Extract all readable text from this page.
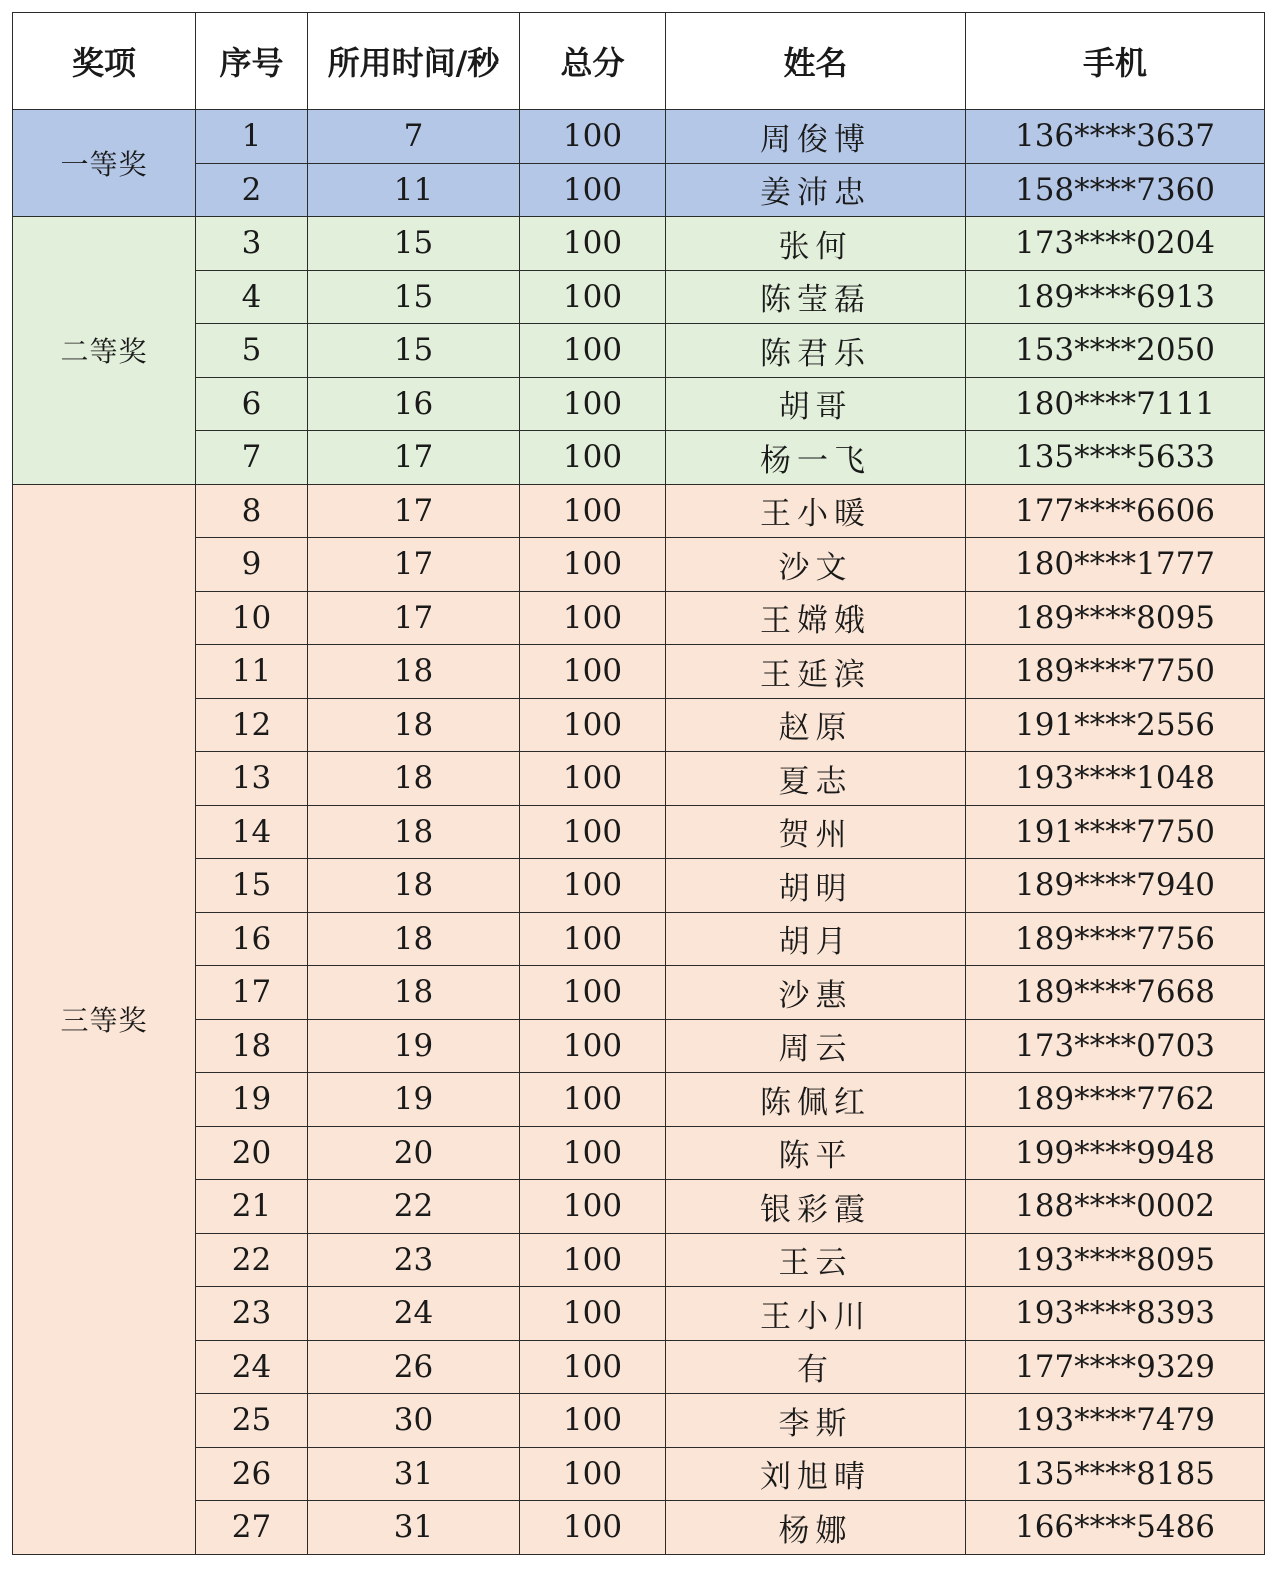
奖项	序号	所用时间/秒	总分	姓名	手机
一等奖	1	7	100	周俊博	136****3637
	2	11	100	姜沛忠	158****7360
二等奖	3	15	100	张何	173****0204
	4	15	100	陈莹磊	189****6913
	5	15	100	陈君乐	153****2050
	6	16	100	胡哥	180****7111
	7	17	100	杨一飞	135****5633
三等奖	8	17	100	王小暖	177****6606
	9	17	100	沙文	180****1777
	10	17	100	王嫦娥	189****8095
	11	18	100	王延滨	189****7750
	12	18	100	赵原	191****2556
	13	18	100	夏志	193****1048
	14	18	100	贺州	191****7750
	15	18	100	胡明	189****7940
	16	18	100	胡月	189****7756
	17	18	100	沙惠	189****7668
	18	19	100	周云	173****0703
	19	19	100	陈佩红	189****7762
	20	20	100	陈平	199****9948
	21	22	100	银彩霞	188****0002
	22	23	100	王云	193****8095
	23	24	100	王小川	193****8393
	24	26	100	有	177****9329
	25	30	100	李斯	193****7479
	26	31	100	刘旭晴	135****8185
	27	31	100	杨娜	166****5486
